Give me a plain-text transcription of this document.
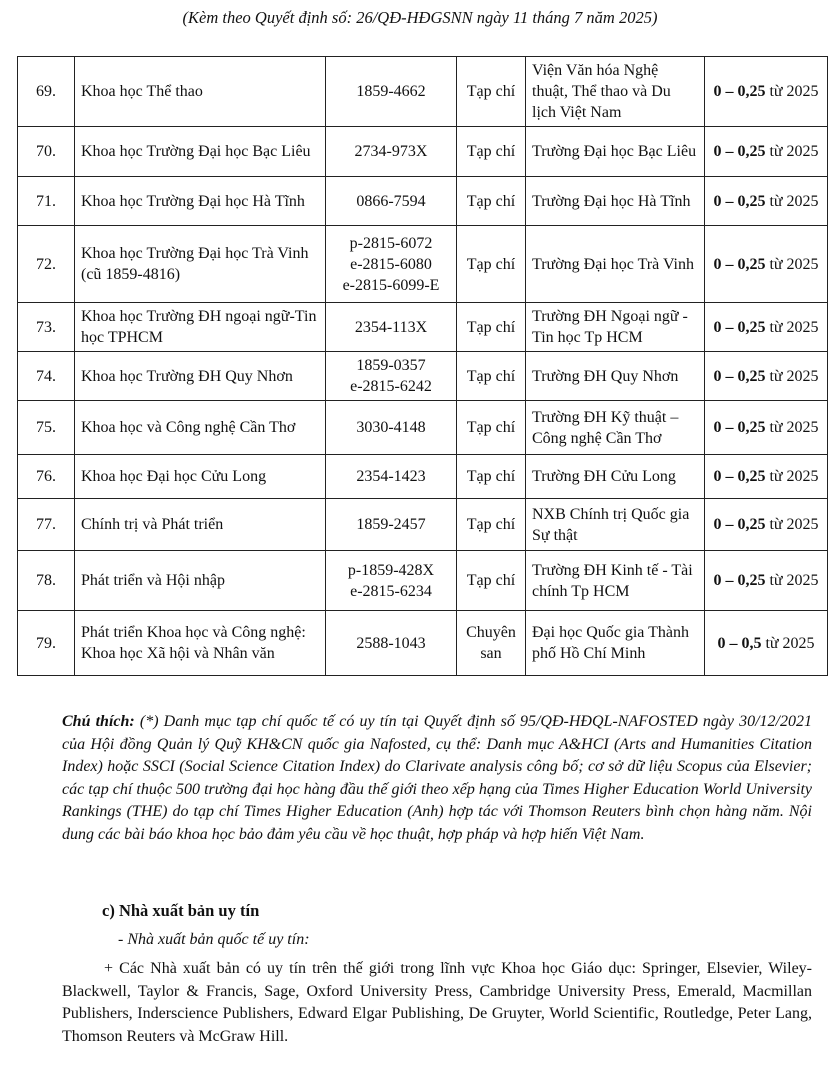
(Kèm theo Quyết định số: 26/QĐ-HĐGSNN ngày 11 tháng 7 năm 2025)
69.	Khoa học Thể thao	1859-4662	Tạp chí	Viện Văn hóa Nghệ thuật, Thể thao và Du lịch Việt Nam	0 – 0,25 từ 2025
70.	Khoa học Trường Đại học Bạc Liêu	2734-973X	Tạp chí	Trường Đại học Bạc Liêu	0 – 0,25 từ 2025
71.	Khoa học Trường Đại học Hà Tĩnh	0866-7594	Tạp chí	Trường Đại học Hà Tĩnh	0 – 0,25 từ 2025
72.	Khoa học Trường Đại học Trà Vinh (cũ 1859-4816)	p-2815-6072
e-2815-6080
e-2815-6099-E	Tạp chí	Trường Đại học Trà Vinh	0 – 0,25 từ 2025
73.	Khoa học Trường ĐH ngoại ngữ-Tin học TPHCM	2354-113X	Tạp chí	Trường ĐH Ngoại ngữ - Tin học Tp HCM	0 – 0,25 từ 2025
74.	Khoa học Trường ĐH Quy Nhơn	1859-0357
e-2815-6242	Tạp chí	Trường ĐH Quy Nhơn	0 – 0,25 từ 2025
75.	Khoa học và Công nghệ Cần Thơ	3030-4148	Tạp chí	Trường ĐH Kỹ thuật – Công nghệ Cần Thơ	0 – 0,25 từ 2025
76.	Khoa học Đại học Cửu Long	2354-1423	Tạp chí	Trường ĐH Cửu Long	0 – 0,25 từ 2025
77.	Chính trị và Phát triển	1859-2457	Tạp chí	NXB Chính trị Quốc gia Sự thật	0 – 0,25 từ 2025
78.	Phát triển và Hội nhập	p-1859-428X
e-2815-6234	Tạp chí	Trường ĐH Kinh tế - Tài chính Tp HCM	0 – 0,25 từ 2025
79.	Phát triển Khoa học và Công nghệ: Khoa học Xã hội và Nhân văn	2588-1043	Chuyên san	Đại học Quốc gia Thành phố Hồ Chí Minh	0 – 0,5 từ 2025
Chú thích: (*) Danh mục tạp chí quốc tế có uy tín tại Quyết định số 95/QĐ-HĐQL-NAFOSTED ngày 30/12/2021 của Hội đồng Quản lý Quỹ KH&CN quốc gia Nafosted, cụ thể: Danh mục A&HCI (Arts and Humanities Citation Index) hoặc SSCI (Social Science Citation Index) do Clarivate analysis công bố; cơ sở dữ liệu Scopus của Elsevier; các tạp chí thuộc 500 trường đại học hàng đầu thế giới theo xếp hạng của Times Higher Education World University Rankings (THE) do tạp chí Times Higher Education (Anh) hợp tác với Thomson Reuters bình chọn hàng năm. Nội dung các bài báo khoa học bảo đảm yêu cầu về học thuật, hợp pháp và hợp hiến Việt Nam.
c) Nhà xuất bản uy tín
- Nhà xuất bản quốc tế uy tín:
+ Các Nhà xuất bản có uy tín trên thế giới trong lĩnh vực Khoa học Giáo dục: Springer, Elsevier, Wiley-Blackwell, Taylor & Francis, Sage, Oxford University Press, Cambridge University Press, Emerald, Macmillan Publishers, Inderscience Publishers, Edward Elgar Publishing, De Gruyter, World Scientific, Routledge, Peter Lang, Thomson Reuters và McGraw Hill.
